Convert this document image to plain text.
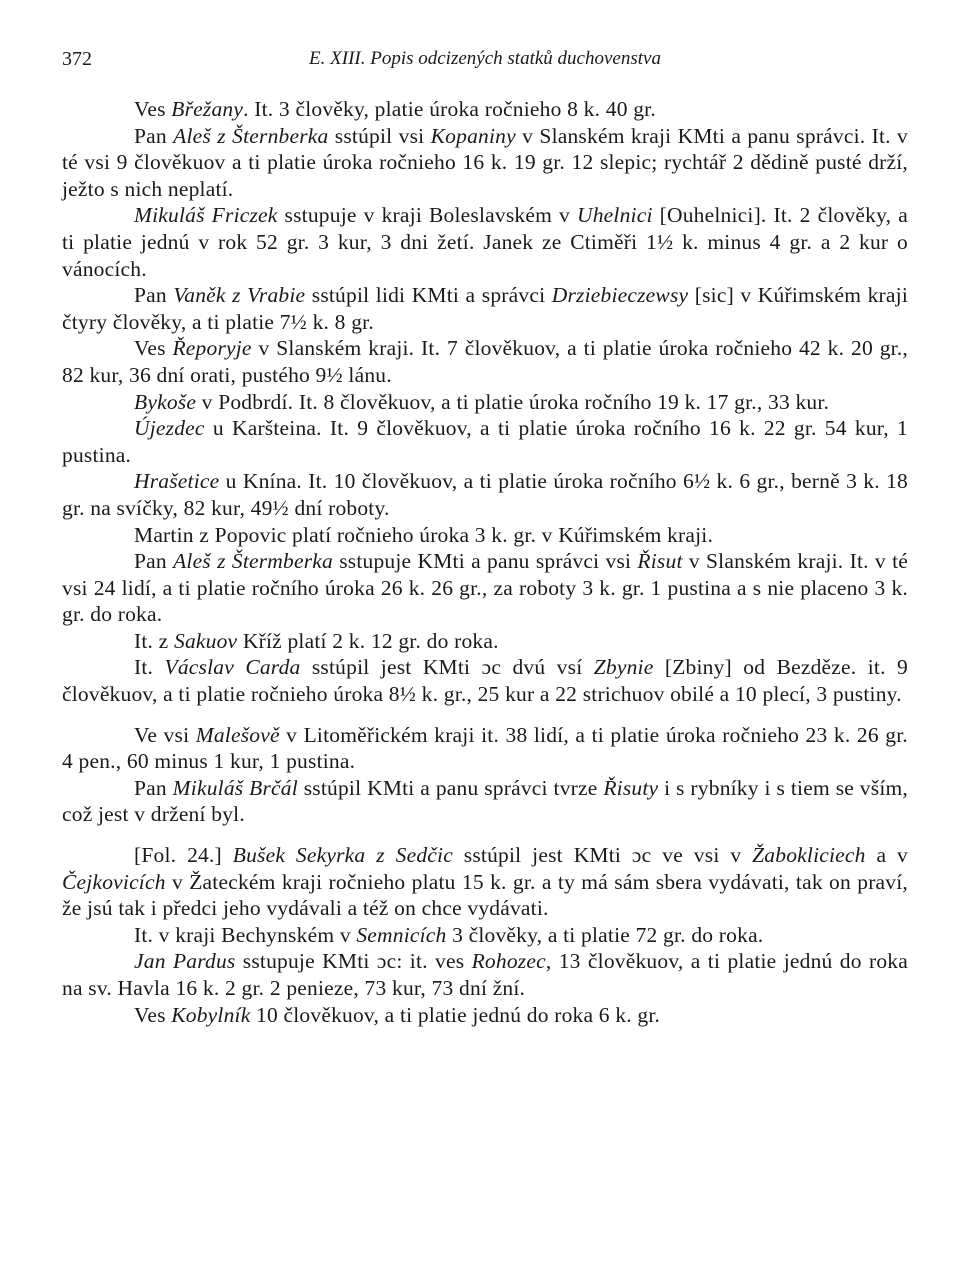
372	E. XIII. Popis odcizených statků duchovenstva

Ves Břežany. It. 3 člověky, platie úroka ročnieho 8 k. 40 gr.

Pan Aleš z Šternberka sstúpil vsi Kopaniny v Slanském kraji KMti a panu správci. It. v té vsi 9 člověkuov a ti platie úroka ročnieho 16 k. 19 gr. 12 slepic; rychtář 2 dědině pusté drží, ježto s nich neplatí.

Mikuláš Friczek sstupuje v kraji Boleslavském v Uhelnici [Ouhelnici]. It. 2 člověky, a ti platie jednú v rok 52 gr. 3 kur, 3 dni žetí. Janek ze Ctiměři 1½ k. minus 4 gr. a 2 kur o vánocích.

Pan Vaněk z Vrabie sstúpil lidi KMti a správci Drziebieczewsy [sic] v Kúřimském kraji čtyry člověky, a ti platie 7½ k. 8 gr.

Ves Řeporyje v Slanském kraji. It. 7 člověkuov, a ti platie úroka ročnieho 42 k. 20 gr., 82 kur, 36 dní orati, pustého 9½ lánu.

Bykoše v Podbrdí. It. 8 člověkuov, a ti platie úroka ročního 19 k. 17 gr., 33 kur.

Újezdec u Karšteina. It. 9 člověkuov, a ti platie úroka ročního 16 k. 22 gr. 54 kur, 1 pustina.

Hrašetice u Knína. It. 10 člověkuov, a ti platie úroka ročního 6½ k. 6 gr., berně 3 k. 18 gr. na svíčky, 82 kur, 49½ dní roboty.

Martin z Popovic platí ročnieho úroka 3 k. gr. v Kúřimském kraji.

Pan Aleš z Štermberka sstupuje KMti a panu správci vsi Řisut v Slanském kraji. It. v té vsi 24 lidí, a ti platie ročního úroka 26 k. 26 gr., za roboty 3 k. gr. 1 pustina a s nie placeno 3 k. gr. do roka.

It. z Sakuov Kříž platí 2 k. 12 gr. do roka.

It. Vácslav Carda sstúpil jest KMti ɔc dvú vsí Zbynie [Zbiny] od Bezděze. it. 9 člověkuov, a ti platie ročnieho úroka 8½ k. gr., 25 kur a 22 strichuov obilé a 10 plecí, 3 pustiny.

Ve vsi Malešově v Litoměřickém kraji it. 38 lidí, a ti platie úroka ročnieho 23 k. 26 gr. 4 pen., 60 minus 1 kur, 1 pustina.

Pan Mikuláš Brčál sstúpil KMti a panu správci tvrze Řisuty i s rybníky i s tiem se vším, což jest v držení byl.

[Fol. 24.] Bušek Sekyrka z Sedčic sstúpil jest KMti ɔc ve vsi v Žabokliciech a v Čejkovicích v Žateckém kraji ročnieho platu 15 k. gr. a ty má sám sbera vydávati, tak on praví, že jsú tak i předci jeho vydávali a též on chce vydávati.

It. v kraji Bechynském v Semnicích 3 člověky, a ti platie 72 gr. do roka.

Jan Pardus sstupuje KMti ɔc: it. ves Rohozec, 13 člověkuov, a ti platie jednú do roka na sv. Havla 16 k. 2 gr. 2 penieze, 73 kur, 73 dní žní.

Ves Kobylník 10 člověkuov, a ti platie jednú do roka 6 k. gr.
